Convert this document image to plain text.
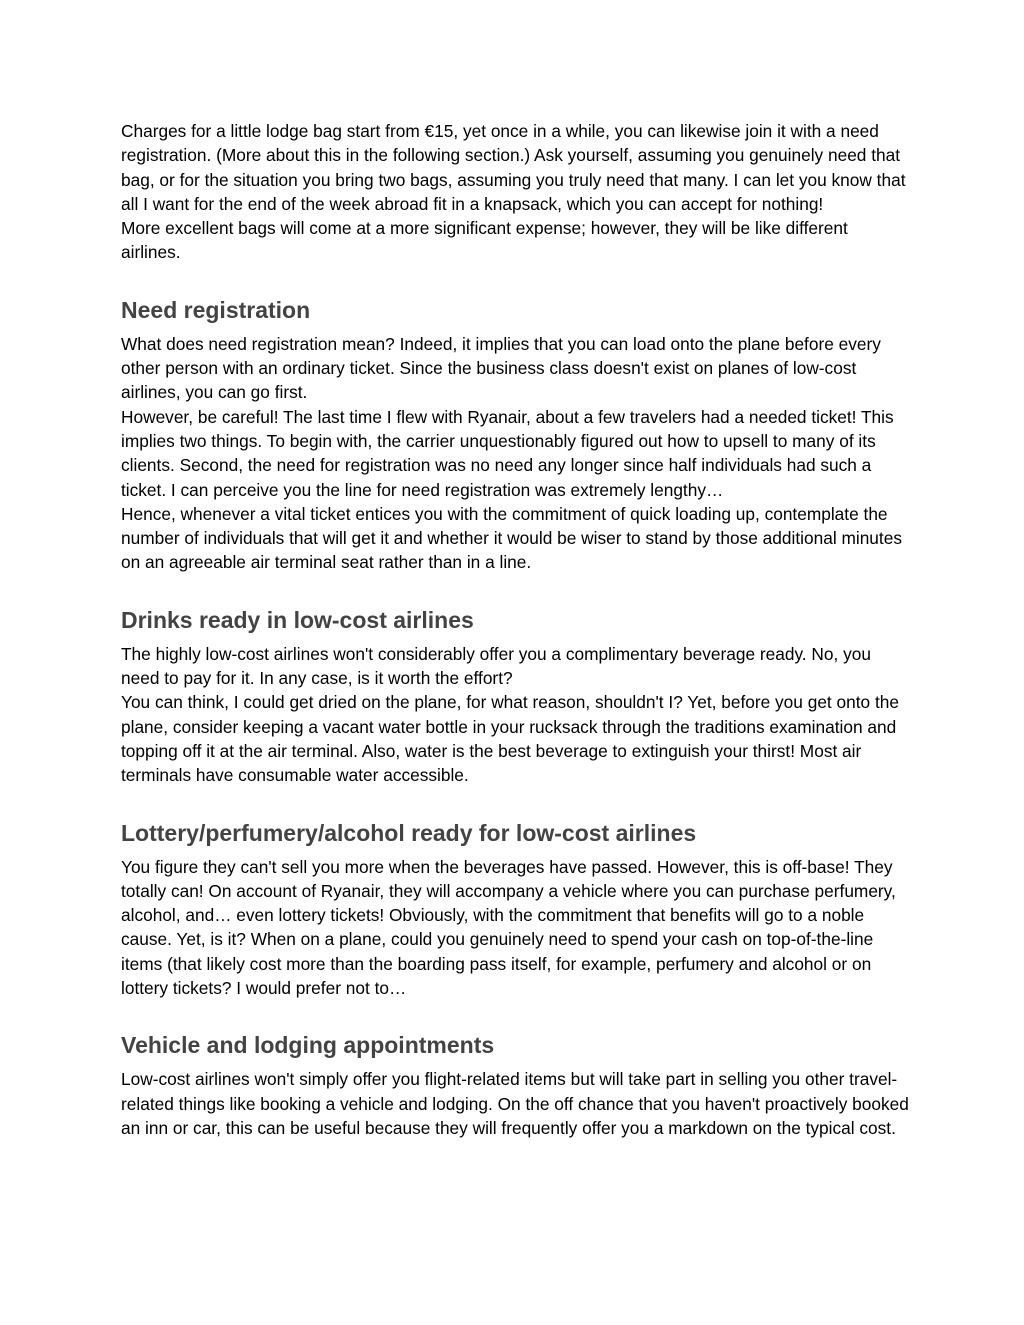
Charges for a little lodge bag start from €15, yet once in a while, you can likewise join it with a need registration. (More about this in the following section.) Ask yourself, assuming you genuinely need that bag, or for the situation you bring two bags, assuming you truly need that many. I can let you know that all I want for the end of the week abroad fit in a knapsack, which you can accept for nothing!

More excellent bags will come at a more significant expense; however, they will be like different airlines.

Need registration

What does need registration mean? Indeed, it implies that you can load onto the plane before every other person with an ordinary ticket. Since the business class doesn't exist on planes of low-cost airlines, you can go first.

However, be careful! The last time I flew with Ryanair, about a few travelers had a needed ticket! This implies two things. To begin with, the carrier unquestionably figured out how to upsell to many of its clients. Second, the need for registration was no need any longer since half individuals had such a ticket. I can perceive you the line for need registration was extremely lengthy…

Hence, whenever a vital ticket entices you with the commitment of quick loading up, contemplate the number of individuals that will get it and whether it would be wiser to stand by those additional minutes on an agreeable air terminal seat rather than in a line.

Drinks ready in low-cost airlines

The highly low-cost airlines won't considerably offer you a complimentary beverage ready. No, you need to pay for it. In any case, is it worth the effort?

You can think, I could get dried on the plane, for what reason, shouldn't I? Yet, before you get onto the plane, consider keeping a vacant water bottle in your rucksack through the traditions examination and topping off it at the air terminal. Also, water is the best beverage to extinguish your thirst! Most air terminals have consumable water accessible.

Lottery/perfumery/alcohol ready for low-cost airlines

You figure they can't sell you more when the beverages have passed. However, this is off-base! They totally can! On account of Ryanair, they will accompany a vehicle where you can purchase perfumery, alcohol, and… even lottery tickets! Obviously, with the commitment that benefits will go to a noble cause. Yet, is it? When on a plane, could you genuinely need to spend your cash on top-of-the-line items (that likely cost more than the boarding pass itself, for example, perfumery and alcohol or on lottery tickets? I would prefer not to…

Vehicle and lodging appointments

Low-cost airlines won't simply offer you flight-related items but will take part in selling you other travel-related things like booking a vehicle and lodging. On the off chance that you haven't proactively booked an inn or car, this can be useful because they will frequently offer you a markdown on the typical cost.
